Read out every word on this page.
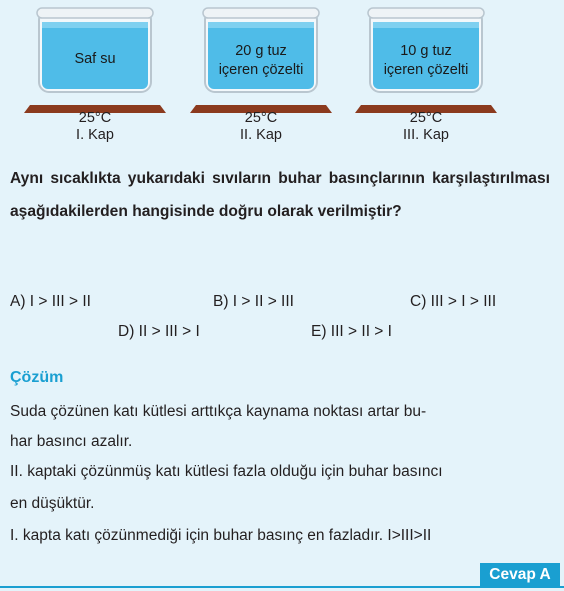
Saf su
25°C
I. Kap
20 g tuz
içeren çözelti
25°C
II. Kap
10 g tuz
içeren çözelti
25°C
III. Kap
Aynı sıcaklıkta yukarıdaki sıvıların buhar basınçlarının karşılaştırılması aşağıdakilerden hangisinde doğru olarak verilmiştir?
A) I > III > II	B) I > II > III	C) III > I > III
D) II > III > I	E) III > II > I
Çözüm
Suda çözünen katı kütlesi arttıkça kaynama noktası artar bu-
har basıncı azalır.
II. kaptaki çözünmüş katı kütlesi fazla olduğu için buhar basıncı
en düşüktür.
I. kapta katı çözünmediği için buhar basınç en fazladır. I>III>II
Cevap A
